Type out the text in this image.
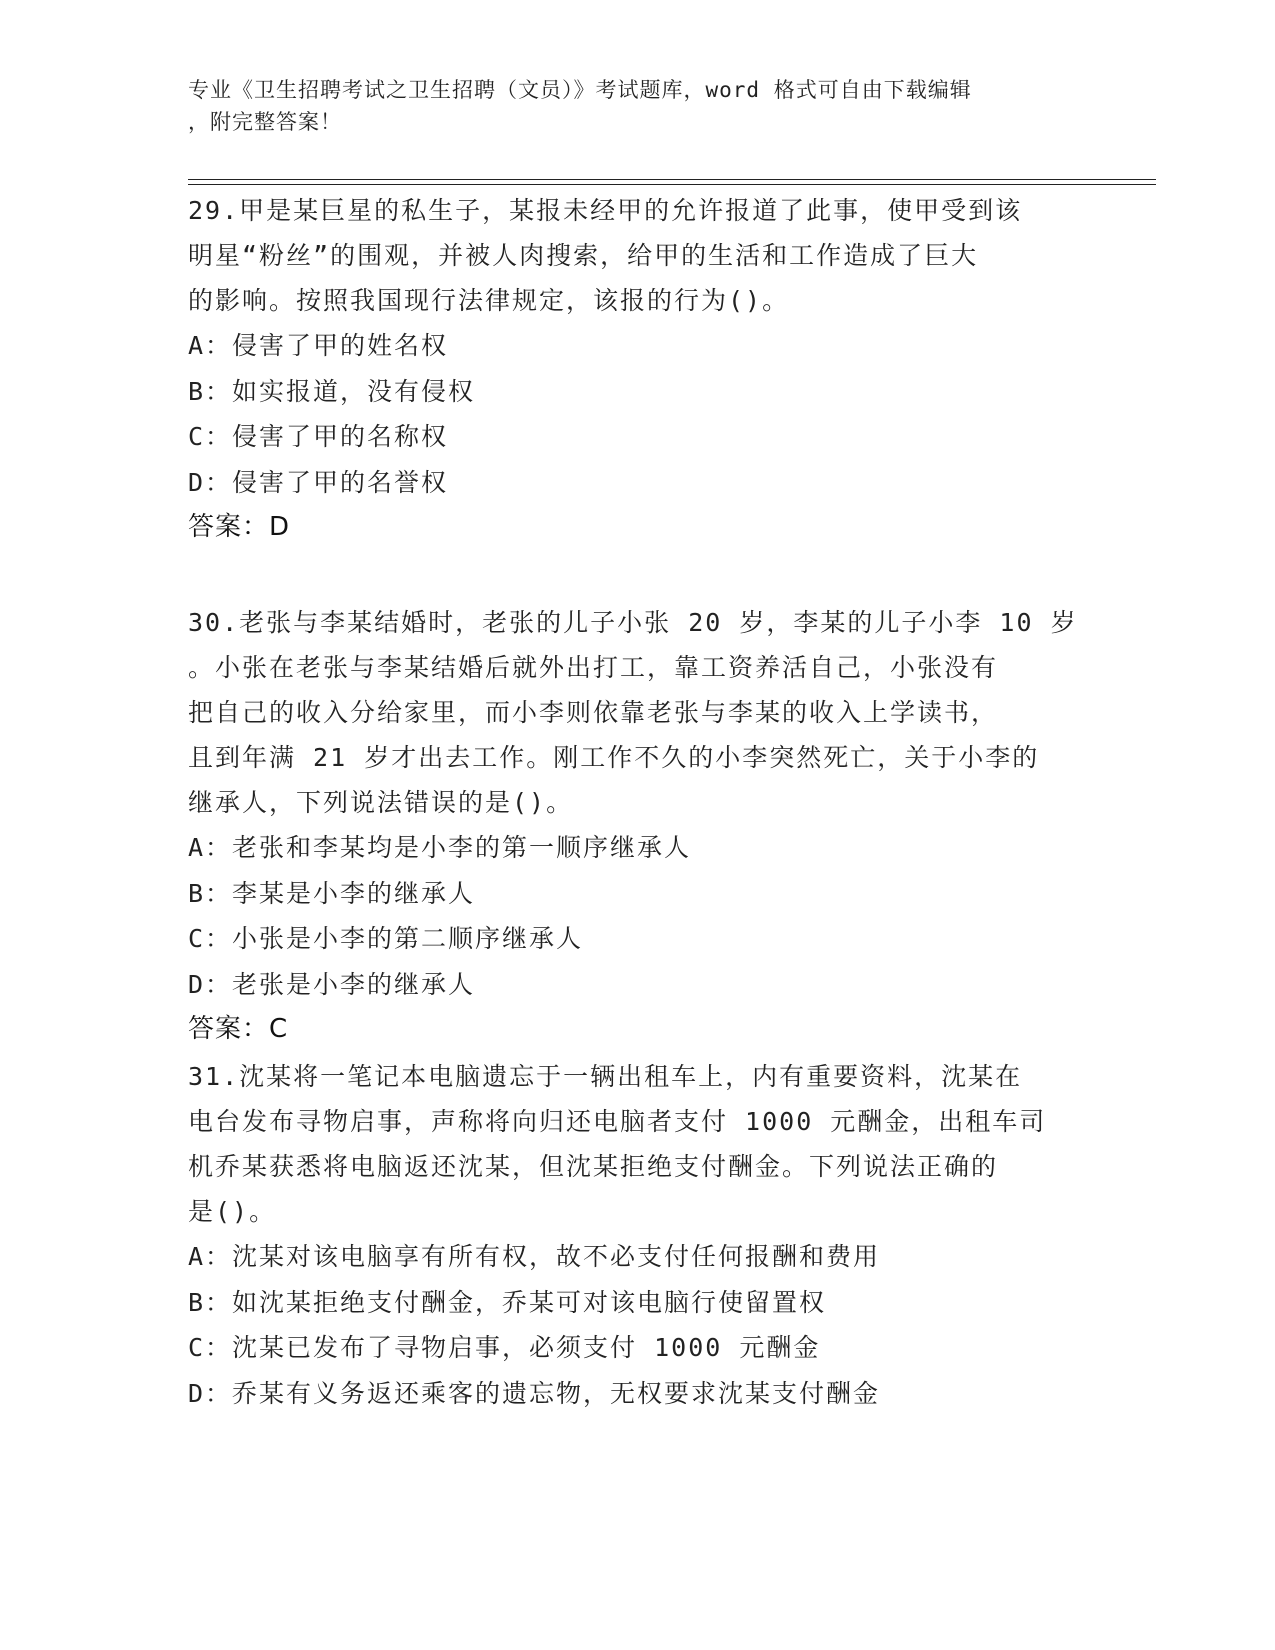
专业《卫生招聘考试之卫生招聘（文员）》考试题库，word 格式可自由下载编辑
，附完整答案！
29.甲是某巨星的私生子，某报未经甲的允许报道了此事，使甲受到该
明星“粉丝”的围观，并被人肉搜索，给甲的生活和工作造成了巨大
的影响。按照我国现行法律规定，该报的行为()。
A：侵害了甲的姓名权
B：如实报道，没有侵权
C：侵害了甲的名称权
D：侵害了甲的名誉权
答案：D
30.老张与李某结婚时，老张的儿子小张 20 岁，李某的儿子小李 10 岁
。小张在老张与李某结婚后就外出打工，靠工资养活自己，小张没有
把自己的收入分给家里，而小李则依靠老张与李某的收入上学读书，
且到年满 21 岁才出去工作。刚工作不久的小李突然死亡，关于小李的
继承人，下列说法错误的是()。
A：老张和李某均是小李的第一顺序继承人
B：李某是小李的继承人
C：小张是小李的第二顺序继承人
D：老张是小李的继承人
答案：C
31.沈某将一笔记本电脑遗忘于一辆出租车上，内有重要资料，沈某在
电台发布寻物启事，声称将向归还电脑者支付 1000 元酬金，出租车司
机乔某获悉将电脑返还沈某，但沈某拒绝支付酬金。下列说法正确的
是()。
A：沈某对该电脑享有所有权，故不必支付任何报酬和费用
B：如沈某拒绝支付酬金，乔某可对该电脑行使留置权
C：沈某已发布了寻物启事，必须支付 1000 元酬金
D：乔某有义务返还乘客的遗忘物，无权要求沈某支付酬金
